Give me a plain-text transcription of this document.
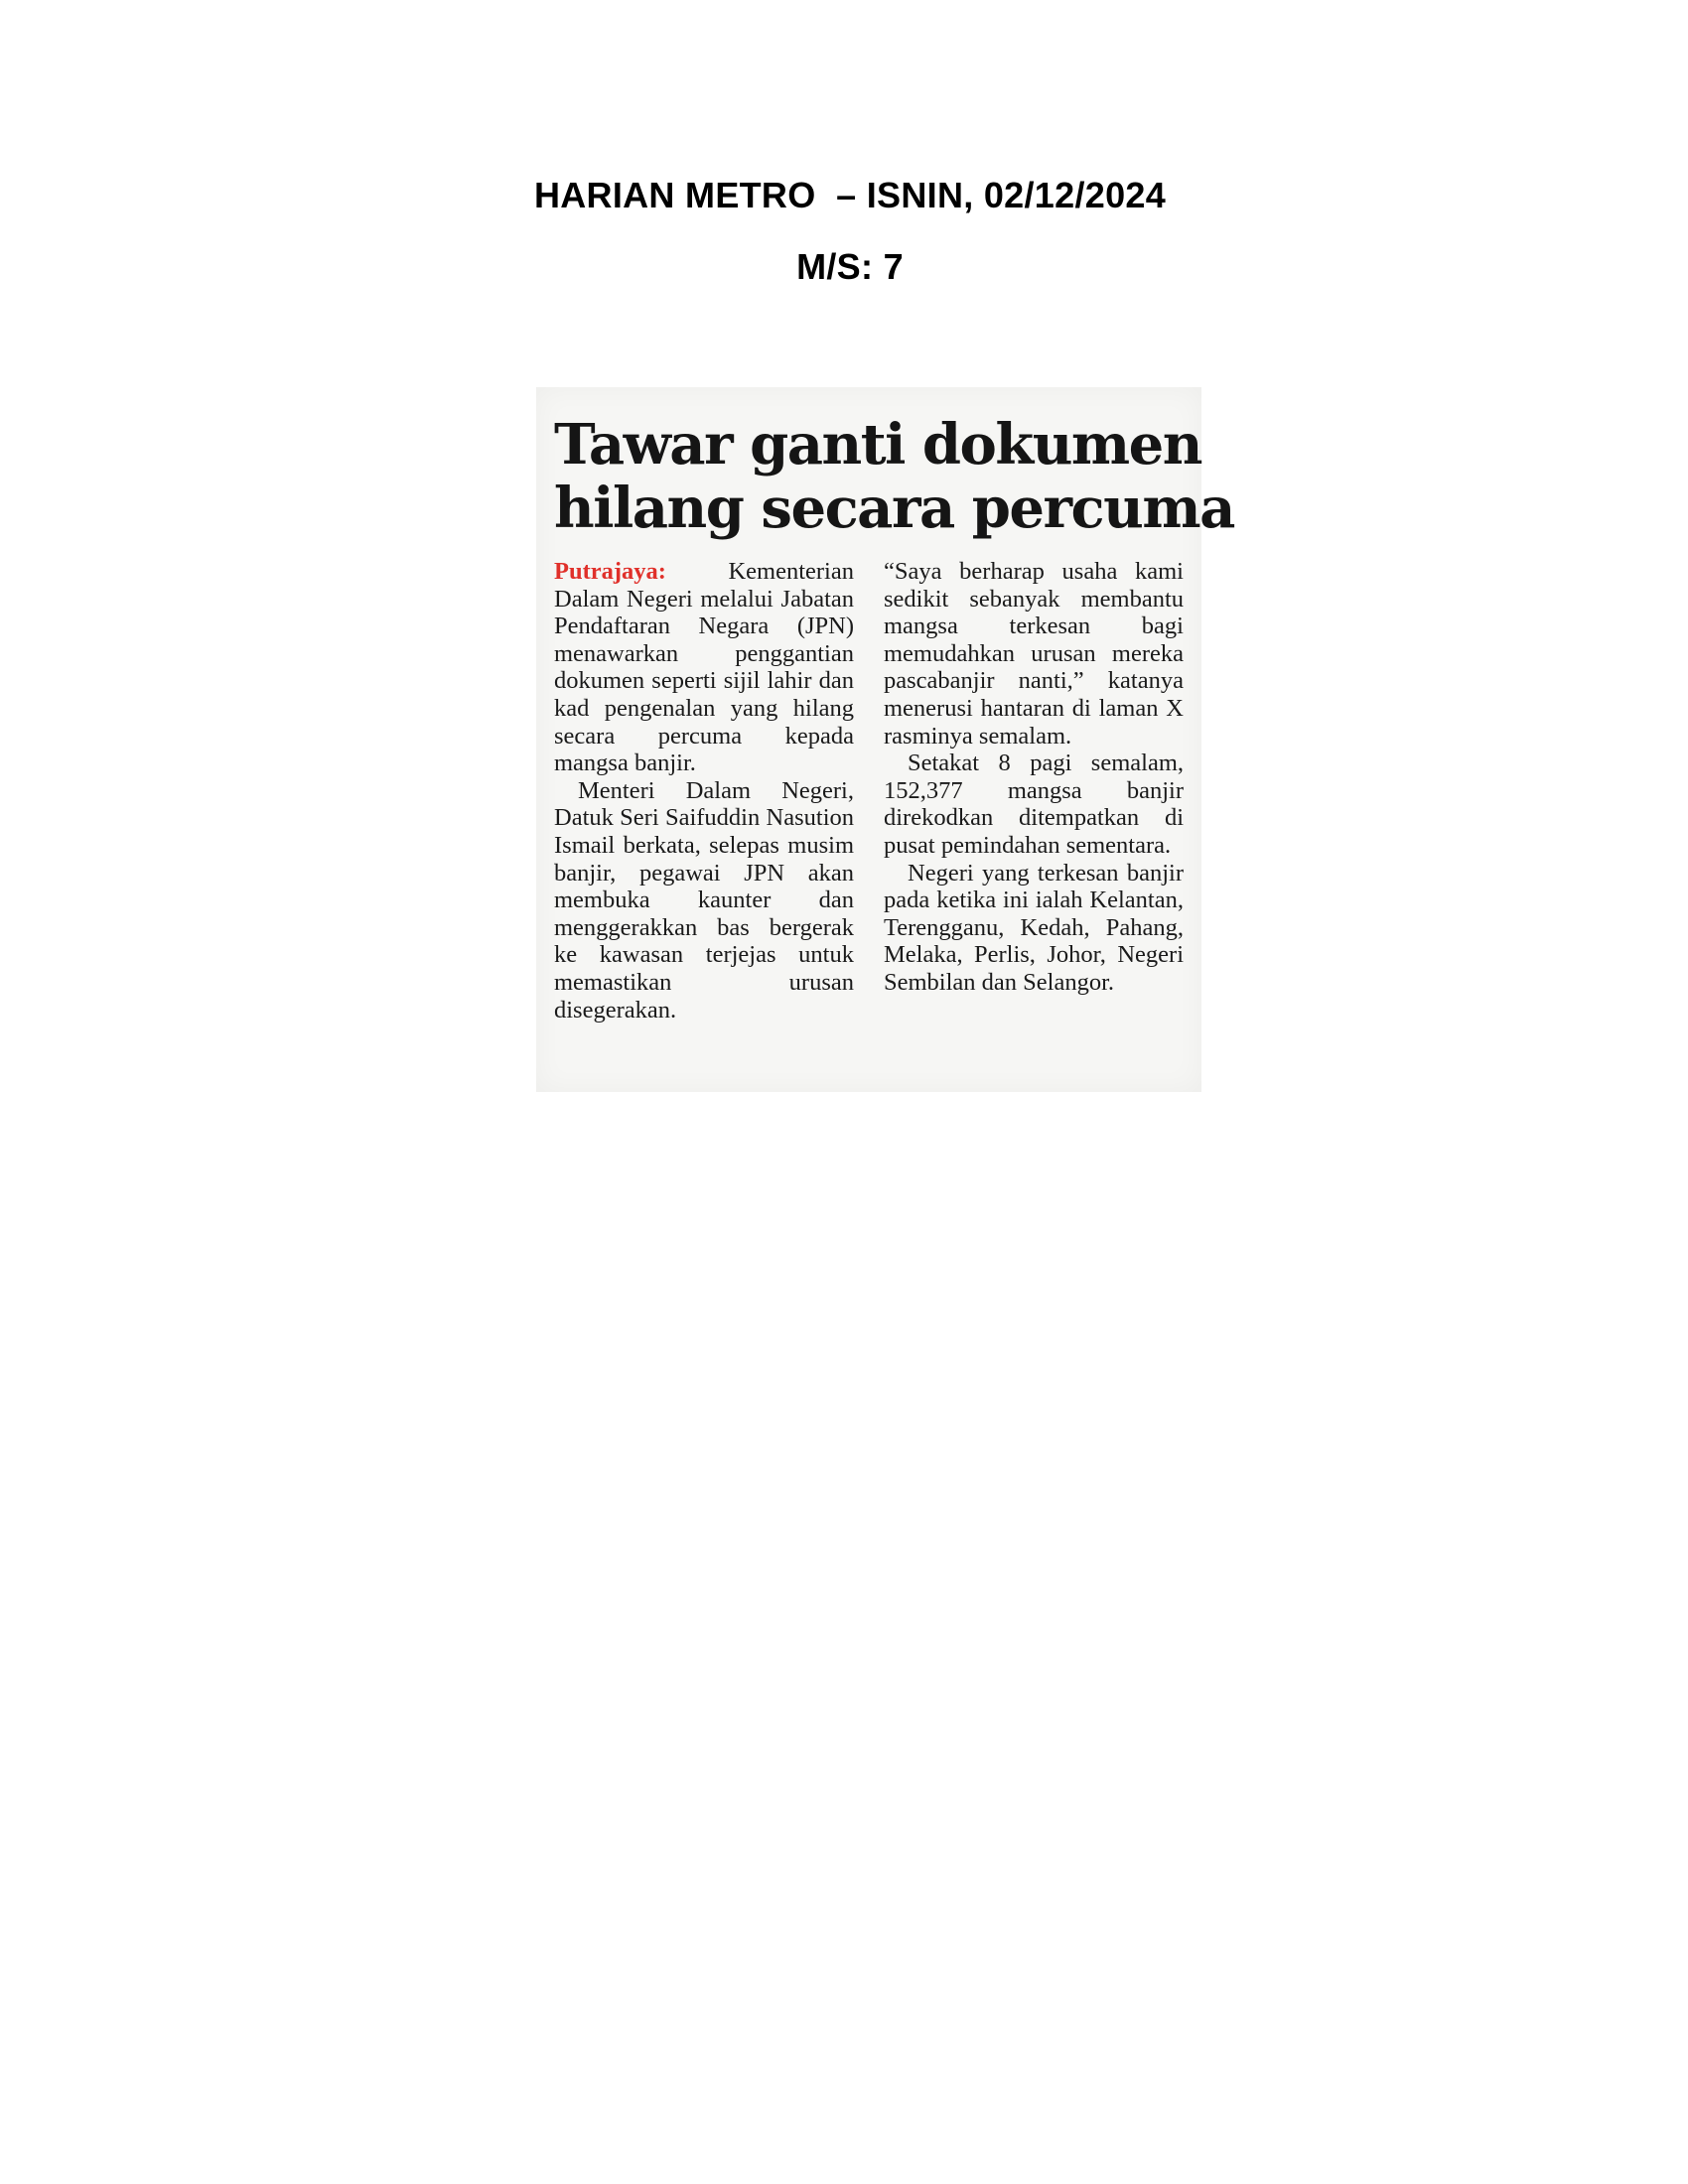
HARIAN METRO  – ISNIN, 02/12/2024
M/S: 7
Tawar ganti dokumen
hilang secara percuma

Putrajaya:	Kementerian Dalam Negeri melalui Jabatan Pendaftaran Negara (JPN) menawarkan penggantian dokumen seperti sijil lahir dan kad pengenalan yang hilang secara percuma kepada mangsa banjir.

Menteri Dalam Negeri, Datuk Seri Saifuddin Nasution Ismail berkata, selepas musim banjir, pegawai JPN akan membuka kaunter dan menggerakkan bas bergerak ke kawasan terjejas untuk memastikan urusan disegerakan.

“Saya berharap usaha kami sedikit sebanyak membantu mangsa terkesan bagi memudahkan urusan mereka pascabanjir nanti,” katanya menerusi hantaran di laman X rasminya semalam.

Setakat 8 pagi semalam, 152,377 mangsa banjir direkodkan ditempatkan di pusat pemindahan sementara.

Negeri yang terkesan banjir pada ketika ini ialah Kelantan, Terengganu, Kedah, Pahang, Melaka, Perlis, Johor, Negeri Sembilan dan Selangor.
